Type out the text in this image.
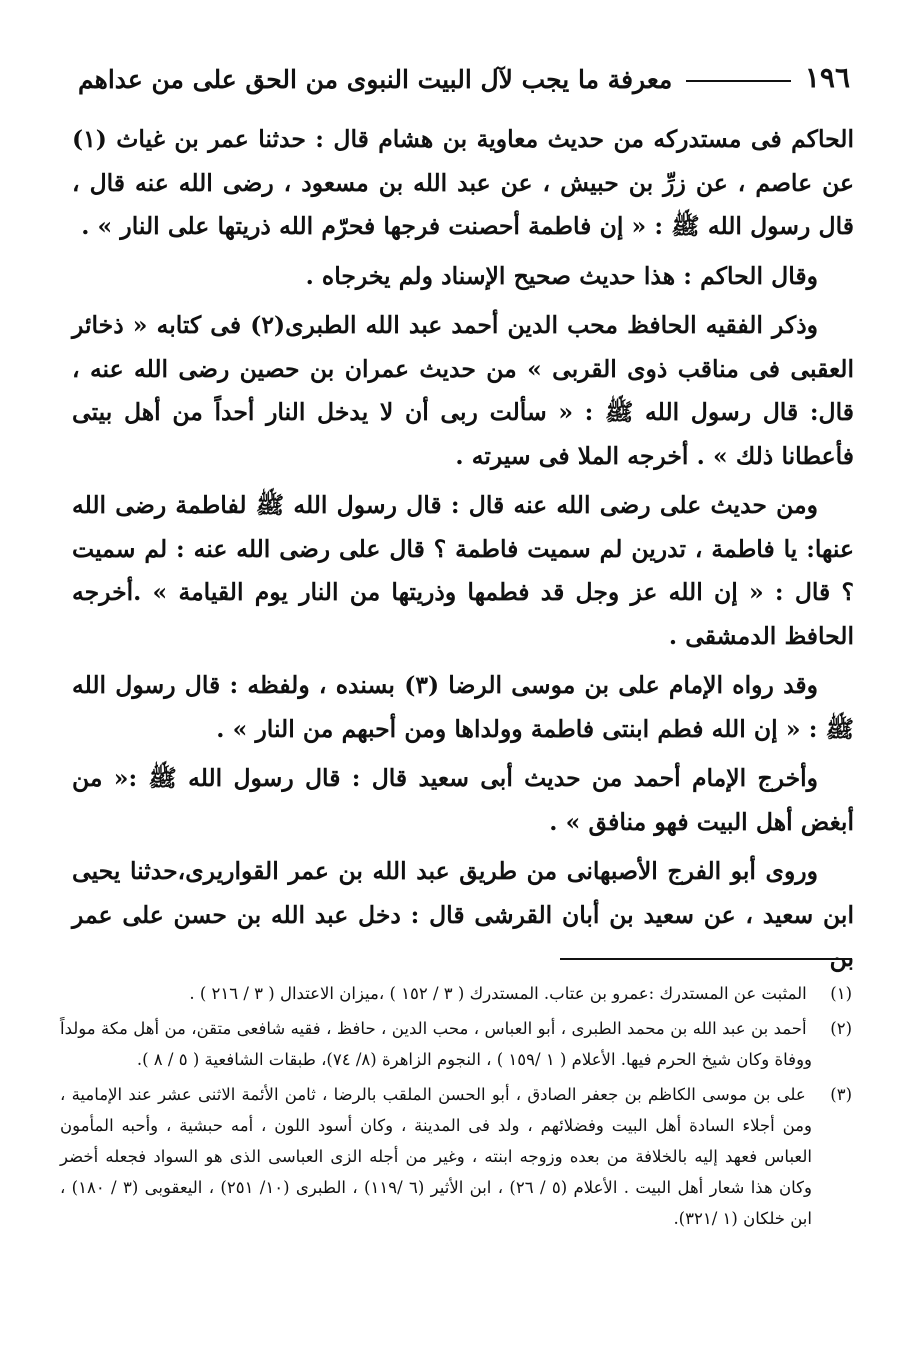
١٩٦
معرفة ما يجب لآل البيت النبوى من الحق على من عداهم

الحاكم فى مستدركه من حديث معاوية بن هشام قال : حدثنا عمر بن غياث (١) عن عاصم ، عن زرِّ بن حبيش ، عن عبد الله بن مسعود ، رضى الله عنه قال ، قال رسول الله ﷺ : « إن فاطمة أحصنت فرجها فحرّم الله ذريتها على النار » .

وقال الحاكم : هذا حديث صحيح الإسناد ولم يخرجاه .

وذكر الفقيه الحافظ محب الدين أحمد عبد الله الطبرى(٢) فى كتابه « ذخائر العقبى فى مناقب ذوى القربى » من حديث عمران بن حصين رضى الله عنه ، قال: قال رسول الله ﷺ : « سألت ربى أن لا يدخل النار أحداً من أهل بيتى فأعطانا ذلك » . أخرجه الملا فى سيرته .

ومن حديث على رضى الله عنه قال : قال رسول الله ﷺ لفاطمة رضى الله عنها: يا فاطمة ، تدرين لم سميت فاطمة ؟ قال على رضى الله عنه : لم سميت ؟ قال : « إن الله عز وجل قد فطمها وذريتها من النار يوم القيامة » .أخرجه الحافظ الدمشقى .

وقد رواه الإمام على بن موسى الرضا (٣) بسنده ، ولفظه : قال رسول الله ﷺ : « إن الله فطم ابنتى فاطمة وولداها ومن أحبهم من النار » .

وأخرج الإمام أحمد من حديث أبى سعيد قال : قال رسول الله ﷺ :« من أبغض أهل البيت فهو منافق » .

وروى أبو الفرج الأصبهانى من طريق عبد الله بن عمر القواريرى،حدثنا يحيى ابن سعيد ، عن سعيد بن أبان القرشى قال : دخل عبد الله بن حسن على عمر بن

(١) المثبت عن المستدرك :عمرو بن عتاب. المستدرك ( ٣ / ١٥٢ ) ،ميزان الاعتدال ( ٣ / ٢١٦ ) .
(٢) أحمد بن عبد الله بن محمد الطبرى ، أبو العباس ، محب الدين ، حافظ ، فقيه شافعى متقن، من أهل مكة مولداً ووفاة وكان شيخ الحرم فيها. الأعلام ( ١ /١٥٩ ) ، النجوم الزاهرة (٨/ ٧٤)، طبقات الشافعية ( ٥ / ٨ ).
(٣) على بن موسى الكاظم بن جعفر الصادق ، أبو الحسن الملقب بالرضا ، ثامن الأئمة الاثنى عشر عند الإمامية ، ومن أجلاء السادة أهل البيت وفضلائهم ، ولد فى المدينة ، وكان أسود اللون ، أمه حبشية ، وأحبه المأمون العباس فعهد إليه بالخلافة من بعده وزوجه ابنته ، وغير من أجله الزى العباسى الذى هو السواد فجعله أخضر وكان هذا شعار أهل البيت . الأعلام (٥ / ٢٦) ، ابن الأثير (٦ /١١٩) ، الطبرى (١٠/ ٢٥١) ، اليعقوبى (٣ / ١٨٠) ، ابن خلكان (١ /٣٢١).
